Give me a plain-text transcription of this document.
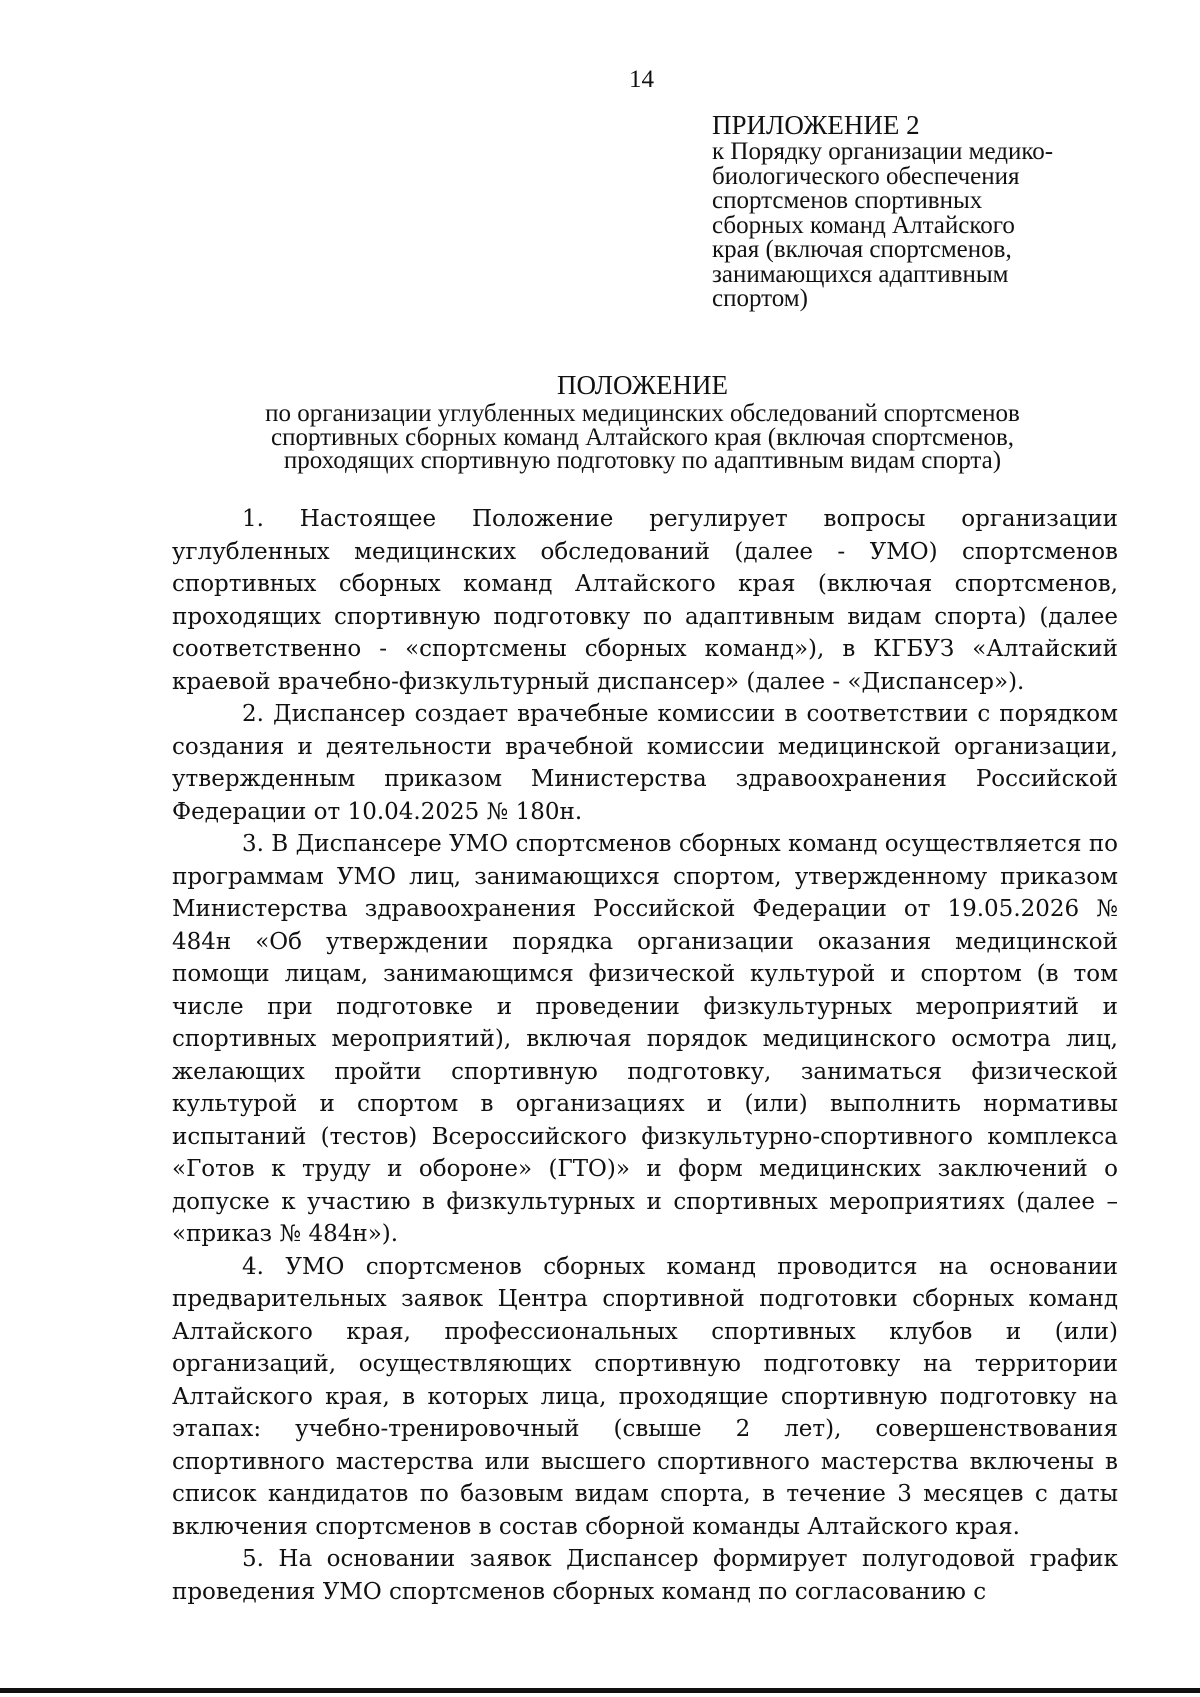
14
ПРИЛОЖЕНИЕ 2
к Порядку организации медико-
биологического обеспечения
спортсменов спортивных
сборных команд Алтайского
края (включая спортсменов,
занимающихся адаптивным
спортом)
ПОЛОЖЕНИЕ
по организации углубленных медицинских обследований спортсменов
спортивных сборных команд Алтайского края (включая спортсменов,
проходящих спортивную подготовку по адаптивным видам спорта)

1. Настоящее Положение регулирует вопросы организации углубленных медицинских обследований (далее - УМО) спортсменов спортивных сборных команд Алтайского края (включая спортсменов, проходящих спортивную подготовку по адаптивным видам спорта) (далее соответственно - «спортсмены сборных команд»), в КГБУЗ «Алтайский краевой врачебно-физкультурный диспансер» (далее - «Диспансер»).

2. Диспансер создает врачебные комиссии в соответствии с порядком создания и деятельности врачебной комиссии медицинской организации, утвержденным приказом Министерства здравоохранения Российской Федерации от 10.04.2025 № 180н.

3. В Диспансере УМО спортсменов сборных команд осуществляется по программам УМО лиц, занимающихся спортом, утвержденному приказом Министерства здравоохранения Российской Федерации от 19.05.2026 № 484н «Об утверждении порядка организации оказания медицинской помощи лицам, занимающимся физической культурой и спортом (в том числе при подготовке и проведении физкультурных мероприятий и спортивных мероприятий), включая порядок медицинского осмотра лиц, желающих пройти спортивную подготовку, заниматься физической культурой и спортом в организациях и (или) выполнить нормативы испытаний (тестов) Всероссийского физкультурно-спортивного комплекса «Готов к труду и обороне» (ГТО)» и форм медицинских заключений о допуске к участию в физкультурных и спортивных мероприятиях (далее – «приказ № 484н»).

4. УМО спортсменов сборных команд проводится на основании предварительных заявок Центра спортивной подготовки сборных команд Алтайского края, профессиональных спортивных клубов и (или) организаций, осуществляющих спортивную подготовку на территории Алтайского края, в которых лица, проходящие спортивную подготовку на этапах: учебно-тренировочный (свыше 2 лет), совершенствования спортивного мастерства или высшего спортивного мастерства включены в список кандидатов по базовым видам спорта, в течение 3 месяцев с даты включения спортсменов в состав сборной команды Алтайского края.

5. На основании заявок Диспансер формирует полугодовой график проведения УМО спортсменов сборных команд по согласованию с
